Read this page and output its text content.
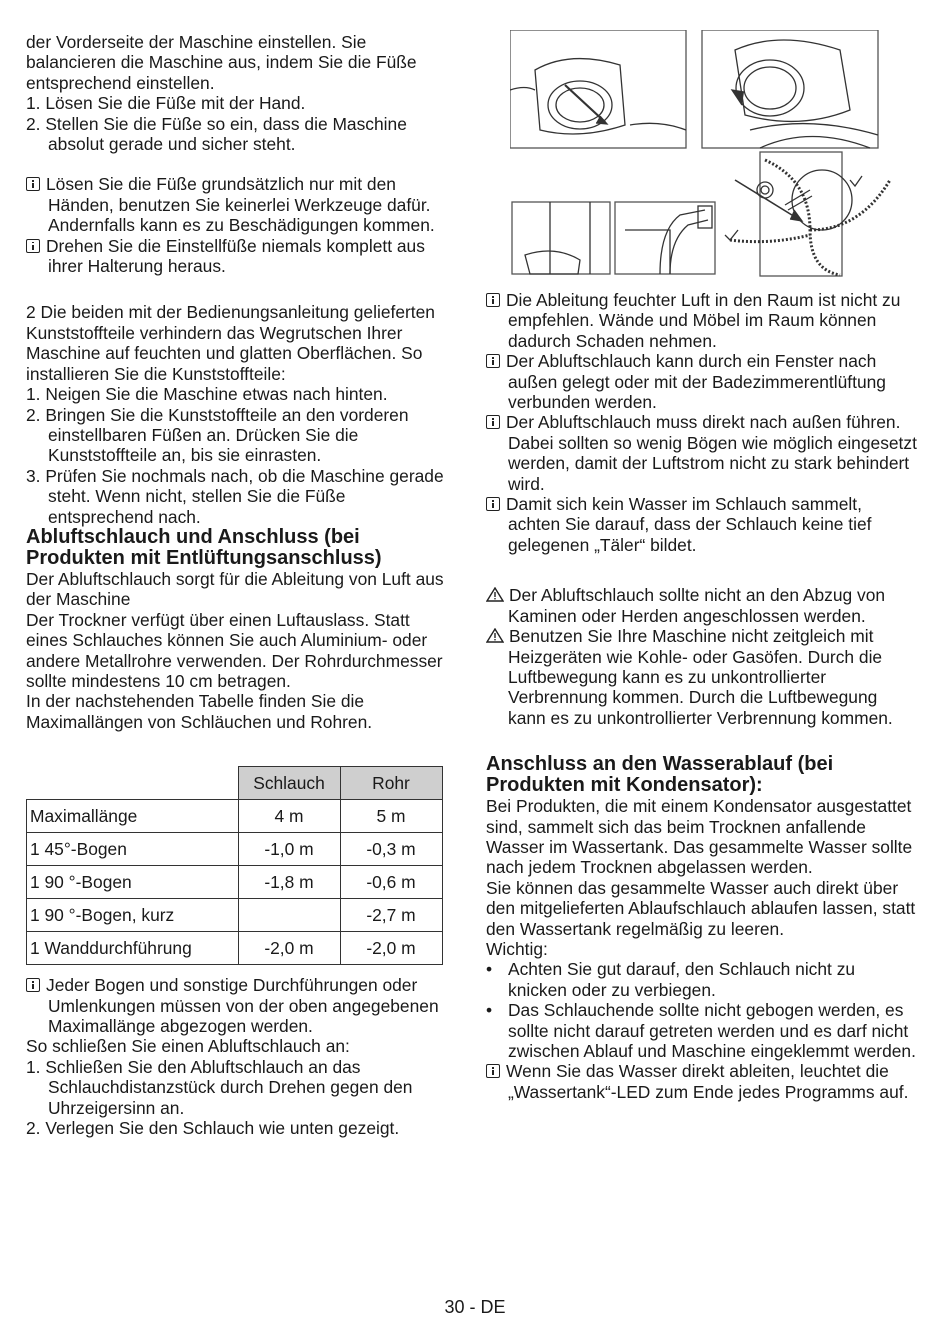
der Vorderseite der Maschine einstellen. Sie balancieren die Maschine aus, indem Sie die Füße entsprechend einstellen.

1. Lösen Sie die Füße mit der Hand.

2. Stellen Sie die Füße so ein, dass die Maschine absolut gerade und sicher steht.

Lösen Sie die Füße grundsätzlich nur mit den Händen, benutzen Sie keinerlei Werkzeuge dafür. Andernfalls kann es zu Beschädigungen kommen.

Drehen Sie die Einstellfüße niemals komplett aus ihrer Halterung heraus.

2 Die beiden mit der Bedienungsanleitung gelieferten Kunststoffteile verhindern das Wegrutschen Ihrer Maschine auf feuchten und glatten Oberflächen. So installieren Sie die Kunststoffteile:

1. Neigen Sie die Maschine etwas nach hinten.

2. Bringen Sie die Kunststoffteile an den vorderen einstellbaren Füßen an. Drücken Sie die Kunststoffteile an, bis sie einrasten.

3. Prüfen Sie nochmals nach, ob die Maschine gerade steht. Wenn nicht, stellen Sie die Füße entsprechend nach.

Abluftschlauch und Anschluss (bei Produkten mit Entlüftungsanschluss)

Der Abluftschlauch sorgt für die Ableitung von Luft aus der Maschine

Der Trockner verfügt über einen Luftauslass. Statt eines Schlauches können Sie auch Aluminium- oder andere Metallrohre verwenden. Der Rohrdurchmesser sollte mindestens 10 cm betragen.

In der nachstehenden Tabelle finden Sie die Maximallängen von Schläuchen und Rohren.

	Schlauch	Rohr
Maximallänge	4 m	5 m
1 45°-Bogen	-1,0 m	-0,3 m
1 90 °-Bogen	-1,8 m	-0,6 m
1 90 °-Bogen, kurz		-2,7 m
1 Wanddurchführung	-2,0 m	-2,0 m

Jeder Bogen und sonstige Durchführungen oder Umlenkungen müssen von der oben angegebenen Maximallänge abgezogen werden.

So schließen Sie einen Abluftschlauch an:

1. Schließen Sie den Abluftschlauch an das Schlauchdistanzstück durch Drehen gegen den Uhrzeigersinn an.

2. Verlegen Sie den Schlauch wie unten gezeigt.

Die Ableitung feuchter Luft in den Raum ist nicht zu empfehlen. Wände und Möbel im Raum können dadurch Schaden nehmen.

Der Abluftschlauch kann durch ein Fenster nach außen gelegt oder mit der Badezimmerentlüftung verbunden werden.

Der Abluftschlauch muss direkt nach außen führen. Dabei sollten so wenig Bögen wie möglich eingesetzt werden, damit der Luftstrom nicht zu stark behindert wird.

Damit sich kein Wasser im Schlauch sammelt, achten Sie darauf, dass der Schlauch keine tief gelegenen „Täler“ bildet.

Der Abluftschlauch sollte nicht an den Abzug von Kaminen oder Herden angeschlossen werden.

Benutzen Sie Ihre Maschine nicht zeitgleich mit Heizgeräten wie Kohle- oder Gasöfen. Durch die Luftbewegung kann es zu unkontrollierter Verbrennung kommen. Durch die Luftbewegung kann es zu unkontrollierter Verbrennung kommen.

Anschluss an den Wasserablauf (bei Produkten mit Kondensator):

Bei Produkten, die mit einem Kondensator ausgestattet sind, sammelt sich das beim Trocknen anfallende Wasser im Wassertank. Das gesammelte Wasser sollte nach jedem Trocknen abgelassen werden.

Sie können das gesammelte Wasser auch direkt über den mitgelieferten Ablaufschlauch ablaufen lassen, statt den Wassertank regelmäßig zu leeren.

Wichtig:

• Achten Sie gut darauf, den Schlauch nicht zu knicken oder zu verbiegen.

• Das Schlauchende sollte nicht gebogen werden, es sollte nicht darauf getreten werden und es darf nicht zwischen Ablauf und Maschine eingeklemmt werden.

Wenn Sie das Wasser direkt ableiten, leuchtet die „Wassertank“-LED zum Ende jedes Programms auf.

30 - DE
